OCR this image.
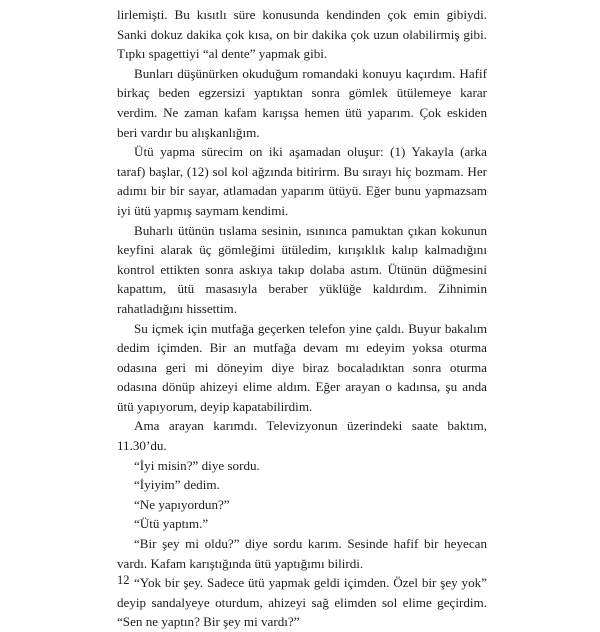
lirlemişti. Bu kısıtlı süre konusunda kendinden çok emin gibiydi. Sanki dokuz dakika çok kısa, on bir dakika çok uzun olabilirmiş gibi. Tıpkı spagettiyi “al dente” yapmak gibi.

Bunları düşünürken okuduğum romandaki konuyu kaçırdım. Hafif birkaç beden egzersizi yaptıktan sonra gömlek ütülemeye karar verdim. Ne zaman kafam karışsa hemen ütü yaparım. Çok eskiden beri vardır bu alışkanlığım.

Ütü yapma sürecim on iki aşamadan oluşur: (1) Yakayla (arka taraf) başlar, (12) sol kol ağzında bitirirm. Bu sırayı hiç bozmam. Her adımı bir bir sayar, atlamadan yaparım ütüyü. Eğer bunu yapmazsam iyi ütü yapmış saymam kendimi.

Buharlı ütünün tıslama sesinin, ısınınca pamuktan çıkan kokunun keyfini alarak üç gömleğimi ütüledim, kırışıklık kalıp kalmadığını kontrol ettikten sonra askıya takıp dolaba astım. Ütünün düğmesini kapattım, ütü masasıyla beraber yüklüğe kaldırdım. Zihnimin rahatladığını hissettim.

Su içmek için mutfağa geçerken telefon yine çaldı. Buyur bakalım dedim içimden. Bir an mutfağa devam mı edeyim yoksa oturma odasına geri mi döneyim diye biraz bocaladıktan sonra oturma odasına dönüp ahizeyi elime aldım. Eğer arayan o kadınsa, şu anda ütü yapıyorum, deyip kapatabilirdim.

Ama arayan karımdı. Televizyonun üzerindeki saate baktım, 11.30’du.

“İyi misin?” diye sordu.

“İyiyim” dedim.

“Ne yapıyordun?”

“Ütü yaptım.”

“Bir şey mi oldu?” diye sordu karım. Sesinde hafif bir heyecan vardı. Kafam karıştığında ütü yaptığımı bilirdi.

“Yok bir şey. Sadece ütü yapmak geldi içimden. Özel bir şey yok” deyip sandalyeye oturdum, ahizeyi sağ elimden sol elime geçirdim. “Sen ne yaptın? Bir şey mi vardı?”

12
